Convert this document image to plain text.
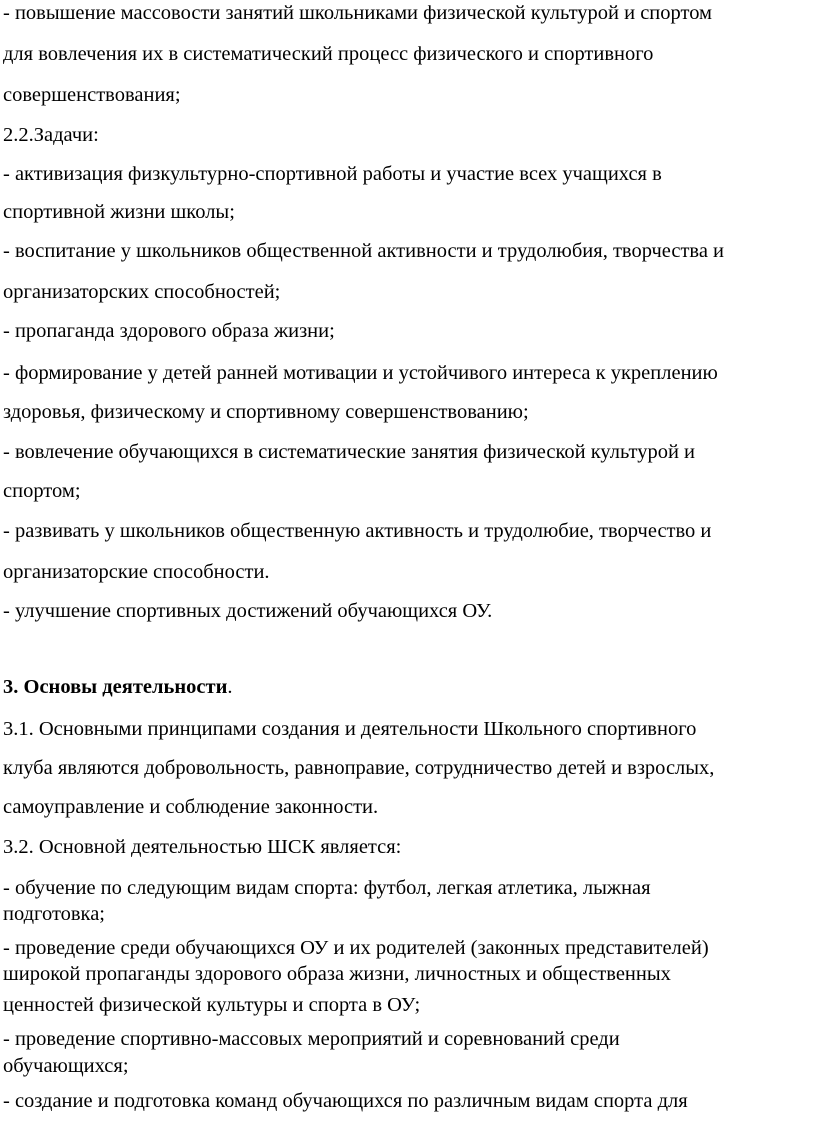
- повышение массовости занятий школьниками физической культурой и спортом
для вовлечения их в систематический процесс физического и спортивного
совершенствования;
2.2.Задачи:
- активизация физкультурно-спортивной работы и участие всех учащихся в
спортивной жизни школы;
- воспитание у школьников общественной активности и трудолюбия, творчества и
организаторских способностей;
- пропаганда здорового образа жизни;
- формирование у детей ранней мотивации и устойчивого интереса к укреплению
здоровья, физическому и спортивному совершенствованию;
- вовлечение обучающихся в систематические занятия физической культурой и
спортом;
- развивать у школьников общественную активность и трудолюбие, творчество и
организаторские способности.
- улучшение спортивных достижений обучающихся ОУ.
3. Основы деятельности.
3.1. Основными принципами создания и деятельности Школьного спортивного
клуба являются добровольность, равноправие, сотрудничество детей и взрослых,
самоуправление и соблюдение законности.
3.2. Основной деятельностью ШСК является:
- обучение по следующим видам спорта: футбол, легкая атлетика, лыжная
подготовка;
- проведение среди обучающихся ОУ и их родителей (законных представителей)
широкой пропаганды здорового образа жизни, личностных и общественных
ценностей физической культуры и спорта в ОУ;
- проведение спортивно-массовых мероприятий и соревнований среди
обучающихся;
- создание и подготовка команд обучающихся по различным видам спорта для
